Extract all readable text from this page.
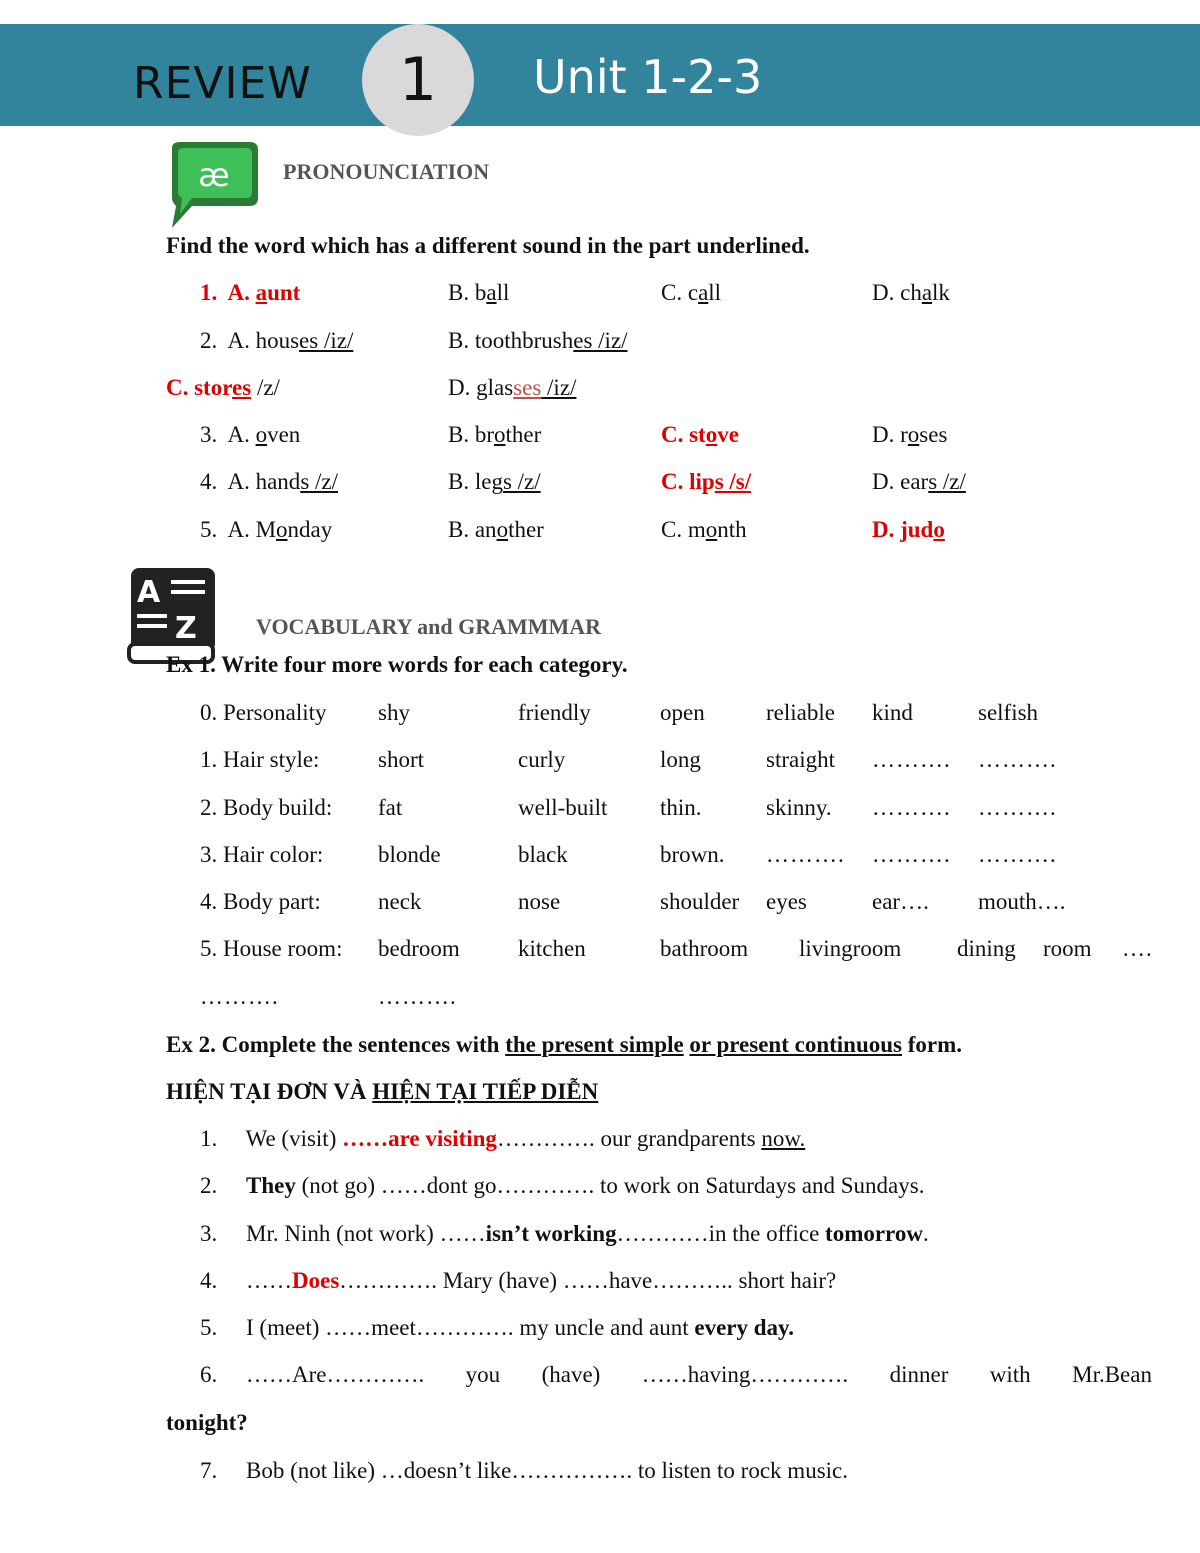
REVIEW 1 Unit 1-2-3
æ PRONOUNCIATION
Find the word which has a different sound in the part underlined.
1.  A. aunt	B. ball	C. call	D. chalk
2.  A. houses /iz/	B. toothbrushes /iz/
C. stores /z/	D. glasses /iz/
3.  A. oven	B. brother	C. stove	D. roses
4.  A. hands /z/	B. legs /z/	C. lips /s/	D. ears /z/
5.  A. Monday	B. another	C. month	D. judo
A
Z	VOCABULARY and GRAMMMAR
Ex 1. Write four more words for each category.
0. Personality shy	friendly	open	reliable kind	selfish
1. Hair style:	short	curly	long	straight ………. ……….
2. Body build: fat	well-built thin.	skinny. ………. ……….
3. Hair color: blonde	black	brown. ………. ………. ……….
4. Body part: neck	nose	shoulder eyes	ear…. mouth….
5. House room: bedroom	kitchen	bathroom livingroom dining room ….
……….	……….
Ex 2. Complete the sentences with the present simple or present continuous form.
HIỆN TẠI ĐƠN VÀ HIỆN TẠI TIẾP DIỄN
1.     We (visit) ……are visiting…………. our grandparents now.
2.     They (not go) ……dont go…………. to work on Saturdays and Sundays.
3.     Mr. Ninh (not work) ……isn’t working…………in the office tomorrow.
4.     ……Does…………. Mary (have) ……have……….. short hair?
5.     I (meet) ……meet…………. my uncle and aunt every day.
6.     ……Are…………. you (have) ……having…………. dinner with Mr.Bean
tonight?
7.     Bob (not like) …doesn’t like……………. to listen to rock music.
